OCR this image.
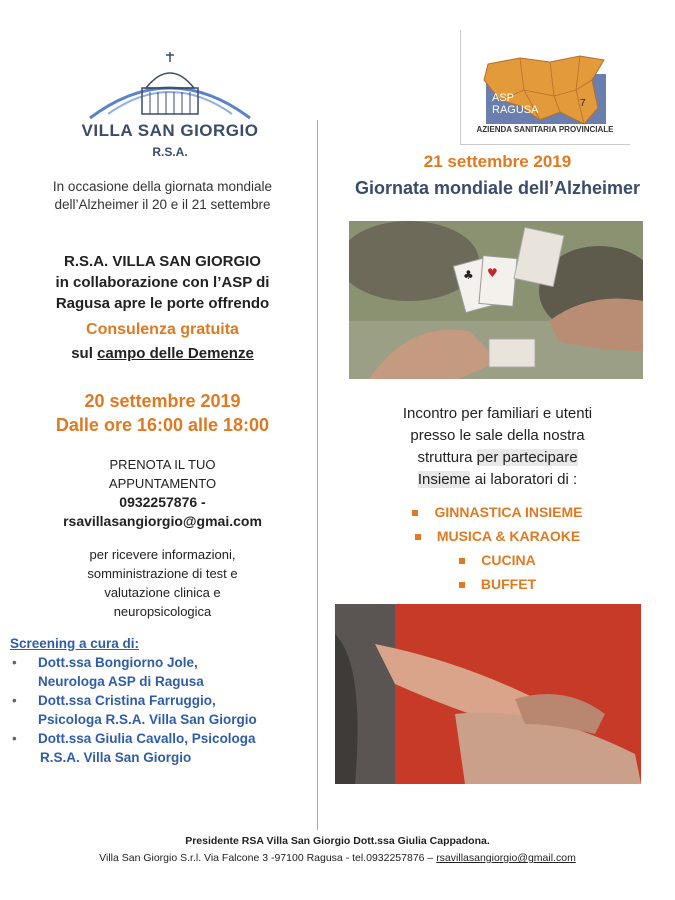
VILLA SAN GIORGIO
R.S.A.
ASP
RAGUSA
7
AZIENDA SANITARIA PROVINCIALE
In occasione della giornata mondiale
dell’Alzheimer il 20 e il 21 settembre
R.S.A. VILLA SAN GIORGIO
in collaborazione con l’ASP di
Ragusa apre le porte offrendo
Consulenza gratuita
sul campo delle Demenze
20 settembre 2019
Dalle ore 16:00 alle 18:00
PRENOTA IL TUO
APPUNTAMENTO
0932257876 -
rsavillasangiorgio@gmai.com
per ricevere informazioni,
somministrazione di test e
valutazione clinica e
neuropsicologica
Screening a cura di:
• Dott.ssa Bongiorno Jole,
Neurologa ASP di Ragusa
• Dott.ssa Cristina Farruggio,
Psicologa R.S.A. Villa San Giorgio
• Dott.ssa Giulia Cavallo, Psicologa
R.S.A. Villa San Giorgio
21 settembre 2019
Giornata mondiale dell’Alzheimer
♥
♣
Incontro per familiari e utenti
presso le sale della nostra
struttura per partecipare
Insieme ai laboratori di :
GINNASTICA INSIEME
MUSICA & KARAOKE
CUCINA
BUFFET
Presidente RSA Villa San Giorgio Dott.ssa Giulia Cappadona.
Villa San Giorgio S.r.l. Via Falcone 3 -97100 Ragusa - tel.0932257876 – rsavillasangiorgio@gmail.com
